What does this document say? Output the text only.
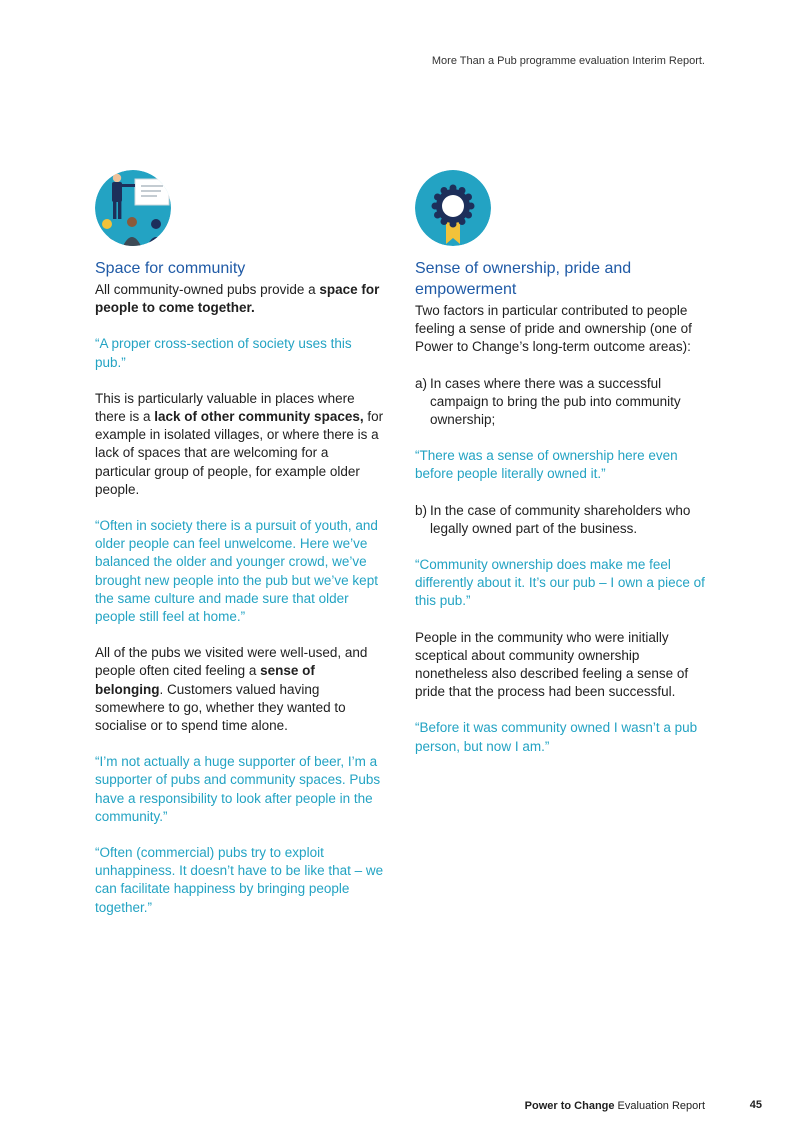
More Than a Pub programme evaluation Interim Report.
Space for community

All community-owned pubs provide a space for people to come together.

“A proper cross-section of society uses this pub.”

This is particularly valuable in places where there is a lack of other community spaces, for example in isolated villages, or where there is a lack of spaces that are welcoming for a particular group of people, for example older people.

“Often in society there is a pursuit of youth, and older people can feel unwelcome. Here we’ve balanced the older and younger crowd, we’ve brought new people into the pub but we’ve kept the same culture and made sure that older people still feel at home.”

All of the pubs we visited were well-used, and people often cited feeling a sense of belonging. Customers valued having somewhere to go, whether they wanted to socialise or to spend time alone.

“I’m not actually a huge supporter of beer, I’m a supporter of pubs and community spaces. Pubs have a responsibility to look after people in the community.”

“Often (commercial) pubs try to exploit unhappiness. It doesn’t have to be like that – we can facilitate happiness by bringing people together.”

Sense of ownership, pride and empowerment

Two factors in particular contributed to people feeling a sense of pride and ownership (one of Power to Change’s long-term outcome areas):

a) In cases where there was a successful campaign to bring the pub into community ownership;

“There was a sense of ownership here even before people literally owned it.”

b) In the case of community shareholders who legally owned part of the business.

“Community ownership does make me feel differently about it. It’s our pub – I own a piece of this pub.”

People in the community who were initially sceptical about community ownership nonetheless also described feeling a sense of pride that the process had been successful.

“Before it was community owned I wasn’t a pub person, but now I am.”

Power to Change Evaluation Report	45
